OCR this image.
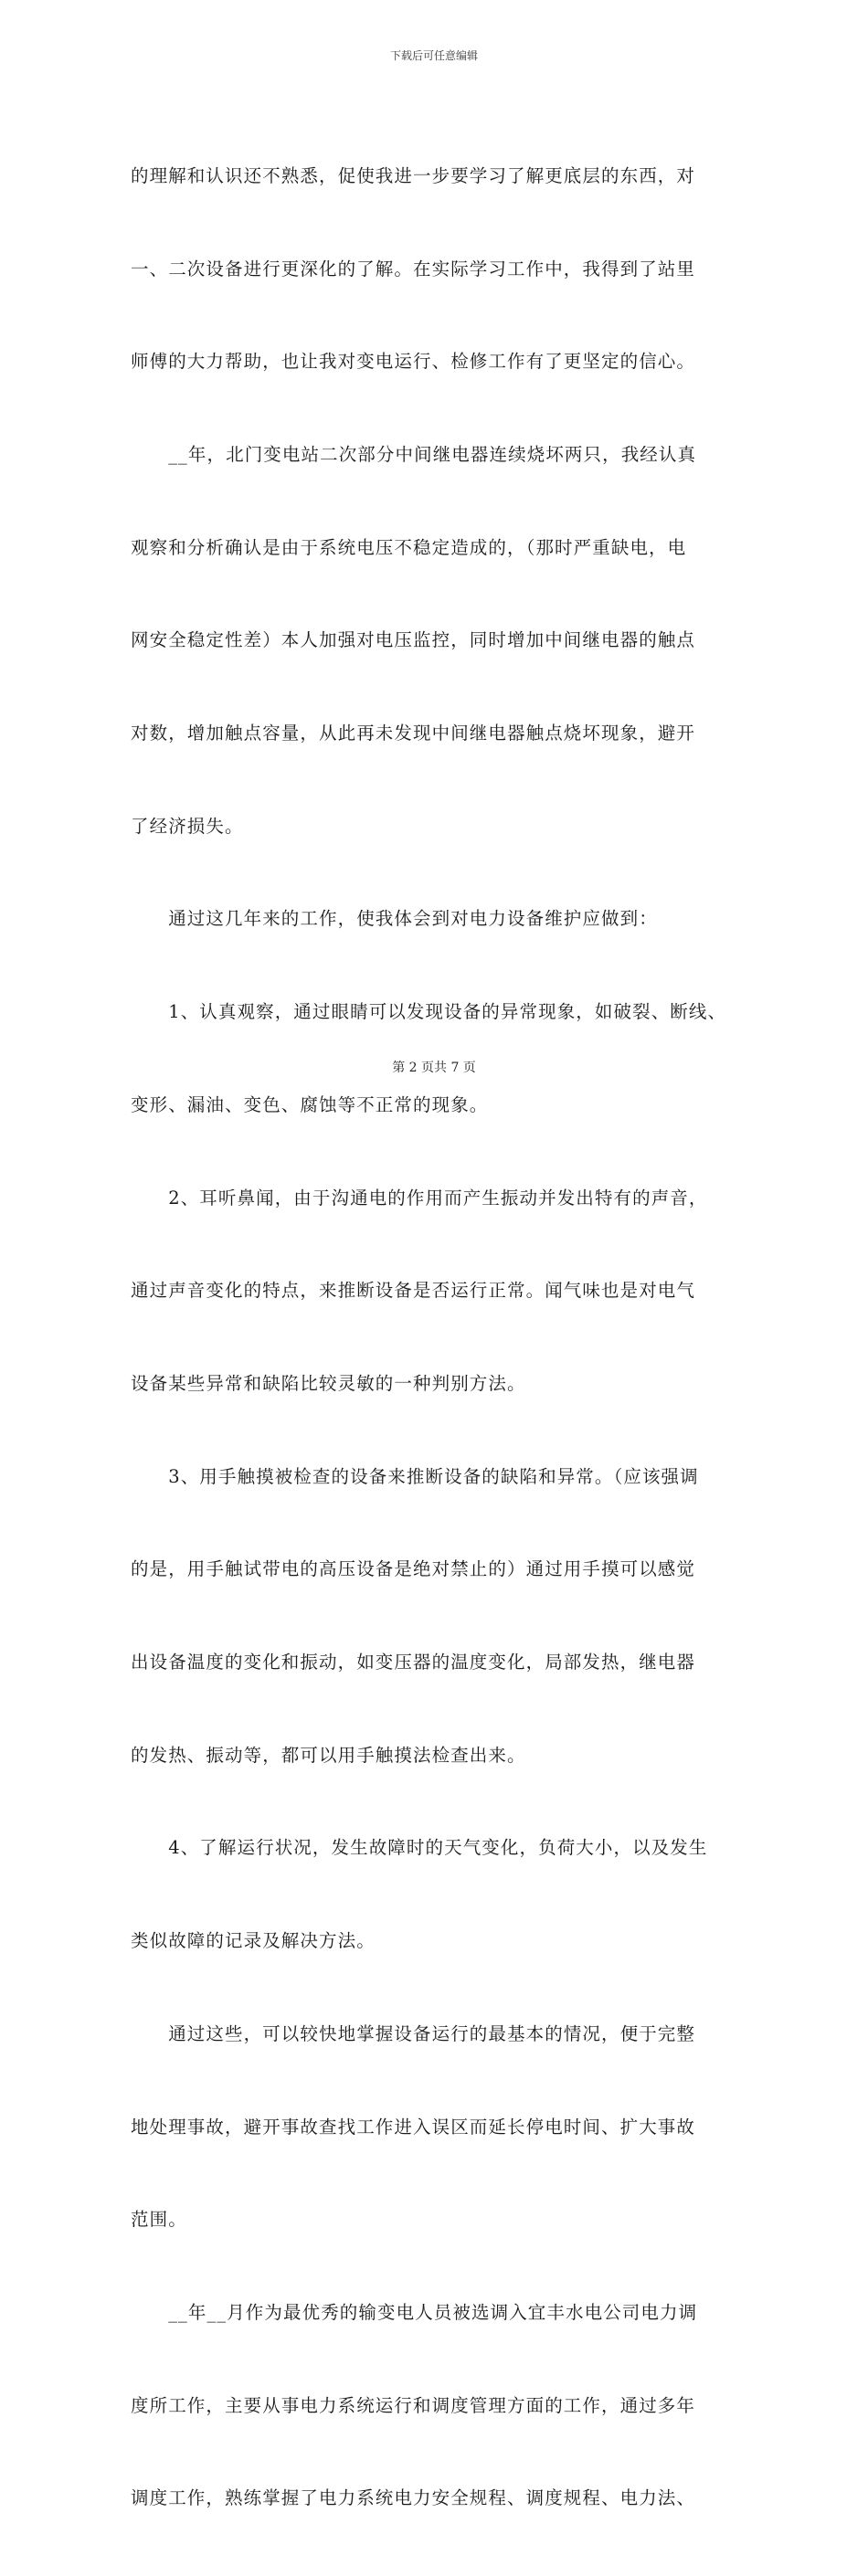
下载后可任意编辑

的理解和认识还不熟悉，促使我进一步要学习了解更底层的东西，对

一、二次设备进行更深化的了解。在实际学习工作中，我得到了站里

师傅的大力帮助，也让我对变电运行、检修工作有了更坚定的信心。

　　__年，北门变电站二次部分中间继电器连续烧坏两只，我经认真

观察和分析确认是由于系统电压不稳定造成的，（那时严重缺电，电

网安全稳定性差）本人加强对电压监控，同时增加中间继电器的触点

对数，增加触点容量，从此再未发现中间继电器触点烧坏现象，避开

了经济损失。

　　通过这几年来的工作，使我体会到对电力设备维护应做到：

　　1、认真观察，通过眼睛可以发现设备的异常现象，如破裂、断线、

变形、漏油、变色、腐蚀等不正常的现象。

　　2、耳听鼻闻，由于沟通电的作用而产生振动并发出特有的声音，

通过声音变化的特点，来推断设备是否运行正常。闻气味也是对电气

设备某些异常和缺陷比较灵敏的一种判别方法。

　　3、用手触摸被检查的设备来推断设备的缺陷和异常。（应该强调

的是，用手触试带电的高压设备是绝对禁止的）通过用手摸可以感觉

出设备温度的变化和振动，如变压器的温度变化，局部发热，继电器

的发热、振动等，都可以用手触摸法检查出来。

　　4、了解运行状况，发生故障时的天气变化，负荷大小，以及发生

类似故障的记录及解决方法。

　　通过这些，可以较快地掌握设备运行的最基本的情况，便于完整

地处理事故，避开事故查找工作进入误区而延长停电时间、扩大事故

范围。

　　__年__月作为最优秀的输变电人员被选调入宜丰水电公司电力调

度所工作，主要从事电力系统运行和调度管理方面的工作，通过多年

调度工作，熟练掌握了电力系统电力安全规程、调度规程、电力法、

第 2 页共 7 页
